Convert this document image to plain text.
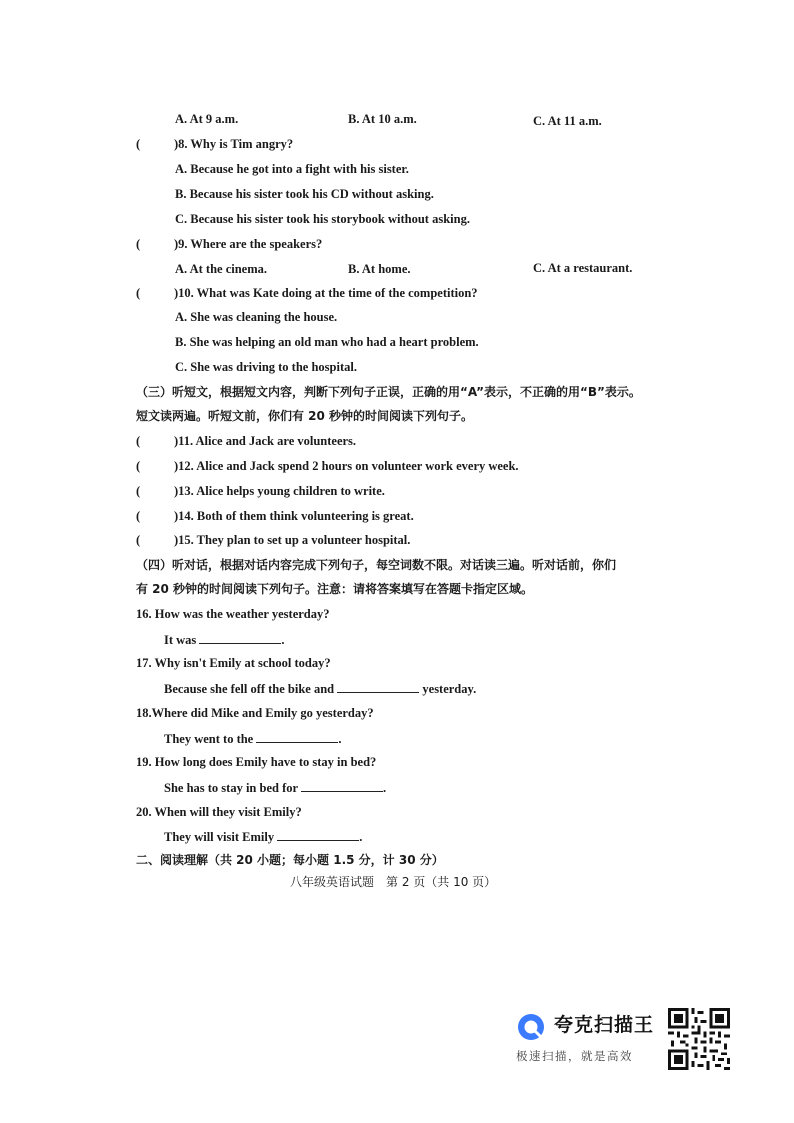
A. At 9 a.m.	B. At 10 a.m.	C. At 11 a.m.
(	)8. Why is Tim angry?
A. Because he got into a fight with his sister.
B. Because his sister took his CD without asking.
C. Because his sister took his storybook without asking.
(	)9. Where are the speakers?
A. At the cinema.	B. At home.	C. At a restaurant.
(	)10. What was Kate doing at the time of the competition?
A. She was cleaning the house.
B. She was helping an old man who had a heart problem.
C. She was driving to the hospital.
（三）听短文，根据短文内容，判断下列句子正误，正确的用“A”表示，不正确的用“B”表示。
短文读两遍。听短文前，你们有 20 秒钟的时间阅读下列句子。
(	)11. Alice and Jack are volunteers.
(	)12. Alice and Jack spend 2 hours on volunteer work every week.
(	)13. Alice helps young children to write.
(	)14. Both of them think volunteering is great.
(	)15. They plan to set up a volunteer hospital.
（四）听对话，根据对话内容完成下列句子，每空词数不限。对话读三遍。听对话前，你们
有 20 秒钟的时间阅读下列句子。注意：请将答案填写在答题卡指定区域。
16. How was the weather yesterday?
It was	.
17. Why isn't Emily at school today?
Because she fell off the bike and	yesterday.
18.Where did Mike and Emily go yesterday?
They went to the	.
19. How long does Emily have to stay in bed?
She has to stay in bed for	.
20. When will they visit Emily?
They will visit Emily	.
二、阅读理解（共 20 小题；每小题 1.5 分，计 30 分）
八年级英语试题　第 2 页（共 10 页）
夸克扫描王
极速扫描，就是高效
